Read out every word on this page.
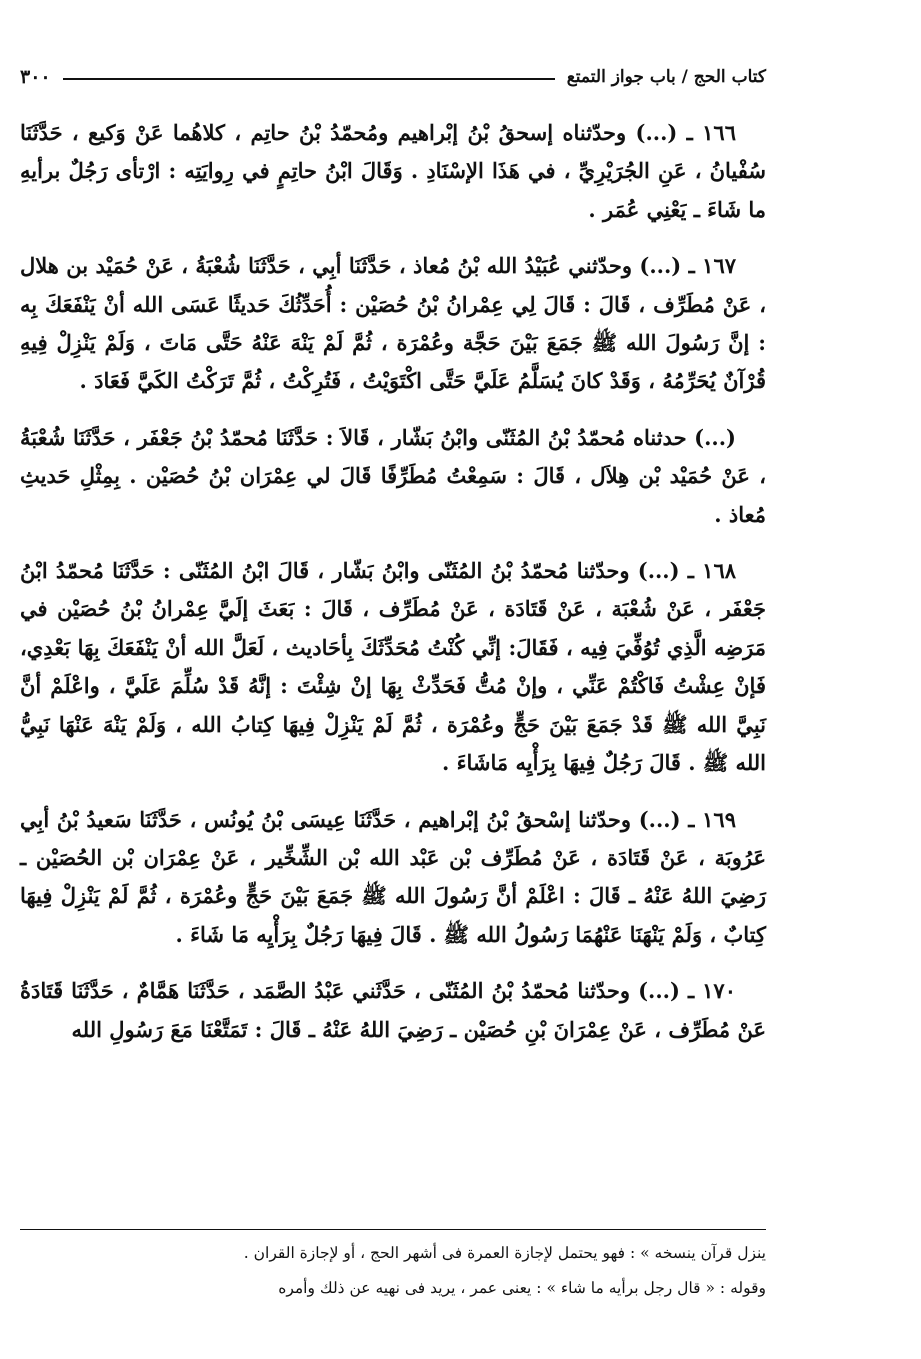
كتاب الحج / باب جواز التمتع
٣٠٠

١٦٦ ـ (...) وحدّثناه إسحقُ بْنُ إبْراهيم ومُحمّدُ بْنُ حاتِم ، كلاهُما عَنْ وَكيع ، حَدَّثَنَا سُفْيانُ ، عَنِ الجُرَيْرِيِّ ، في هَذَا الإسْنَادِ . وَقَالَ ابْنُ حاتِمٍ في رِوايَتِه : ارْتأى رَجُلٌ برأيهِ ما شَاءَ ـ يَعْنِي عُمَر .

١٦٧ ـ (...) وحدّثني عُبَيْدُ الله بْنُ مُعاذ ، حَدَّثَنَا أبِي ، حَدَّثَنَا شُعْبَةُ ، عَنْ حُمَيْد بن هلال ، عَنْ مُطَرِّف ، قَالَ : قَالَ لِي عِمْرانُ بْنُ حُصَيْن : أُحَدِّثُكَ حَديثًا عَسَى الله أنْ يَنْفَعَكَ بِه : إنَّ رَسُولَ الله ﷺ جَمَعَ بَيْنَ حَجَّة وعُمْرَة ، ثُمَّ لَمْ يَنْهَ عَنْهُ حَتَّى مَاتَ ، وَلَمْ يَنْزِلْ فِيهِ قُرْآنٌ يُحَرِّمُهُ ، وَقَدْ كانَ يُسَلَّمُ عَلَيَّ حَتَّى اكْتَوَيْتُ ، فَتُرِكْتُ ، ثُمَّ تَرَكْتُ الكَيَّ فَعَادَ .

(...) حدثناه مُحمّدُ بْنُ المُثَنّى وابْنُ بَشّار ، قَالاَ : حَدَّثَنَا مُحمّدُ بْنُ جَعْفَر ، حَدَّثَنَا شُعْبَةُ ، عَنْ حُمَيْد بْن هِلاَل ، قَالَ : سَمِعْتُ مُطَرِّفًا قَالَ لي عِمْرَان بْنُ حُصَيْن . بِمِثْلِ حَديثِ مُعاذ .

١٦٨ ـ (...) وحدّثنا مُحمّدُ بْنُ المُثَنّى وابْنُ بَشّار ، قَالَ ابْنُ المُثَنّى : حَدَّثَنَا مُحمّدُ ابْنُ جَعْفَر ، عَنْ شُعْبَة ، عَنْ قَتَادَة ، عَنْ مُطَرِّف ، قَالَ : بَعَثَ إلَيَّ عِمْرانُ بْنُ حُصَيْن في مَرَضِه الَّذِي تُوُفِّيَ فِيه ، فَقَالَ: إنِّي كُنْتُ مُحَدِّثَكَ بِأحَاديث ، لَعَلَّ الله أنْ يَنْفَعَكَ بِهَا بَعْدِي، فَإنْ عِشْتُ فَاكْتُمْ عَنِّي ، وإنْ مُتُّ فَحَدِّثْ بِهَا إنْ شِئْتَ : إنَّهُ قَدْ سُلِّمَ عَلَيَّ ، واعْلَمْ أنَّ نَبِيَّ الله ﷺ قَدْ جَمَعَ بَيْنَ حَجٍّ وعُمْرَة ، ثُمَّ لَمْ يَنْزِلْ فِيهَا كِتابُ الله ، وَلَمْ يَنْهَ عَنْهَا نَبِيُّ الله ﷺ . قَالَ رَجُلٌ فِيهَا بِرَأْيِه مَاشَاءَ .

١٦٩ ـ (...) وحدّثنا إسْحقُ بْنُ إبْراهيم ، حَدَّثَنَا عِيسَى بْنُ يُونُس ، حَدَّثَنَا سَعيدُ بْنُ أبِي عَرُوبَة ، عَنْ قَتَادَة ، عَنْ مُطَرِّف بْن عَبْد الله بْن الشِّخِّير ، عَنْ عِمْرَان بْن الحُصَيْن ـ رَضِيَ اللهُ عَنْهُ ـ قَالَ : اعْلَمْ أنَّ رَسُولَ الله ﷺ جَمَعَ بَيْنَ حَجٍّ وعُمْرَة ، ثُمَّ لَمْ يَنْزِلْ فِيهَا كِتابٌ ، وَلَمْ يَنْهَنَا عَنْهُمَا رَسُولُ الله ﷺ . قَالَ فِيهَا رَجُلٌ بِرَأْيِه مَا شَاءَ .

١٧٠ ـ (...) وحدّثنا مُحمّدُ بْنُ المُثَنّى ، حَدَّثَني عَبْدُ الصَّمَد ، حَدَّثَنَا هَمَّامٌ ، حَدَّثَنَا قَتَادَةُ عَنْ مُطَرِّف ، عَنْ عِمْرَانَ بْنِ حُصَيْن ـ رَضِيَ اللهُ عَنْهُ ـ قَالَ : تَمَتَّعْنَا مَعَ رَسُولِ الله

ينزل قرآن ينسخه » : فهو يحتمل لإجازة العمرة فى أشهر الحج ، أو لإجازة القران .

وقوله : « قال رجل برأيه ما شاء » : يعنى عمر ، يريد فى نهيه عن ذلك وأمره
